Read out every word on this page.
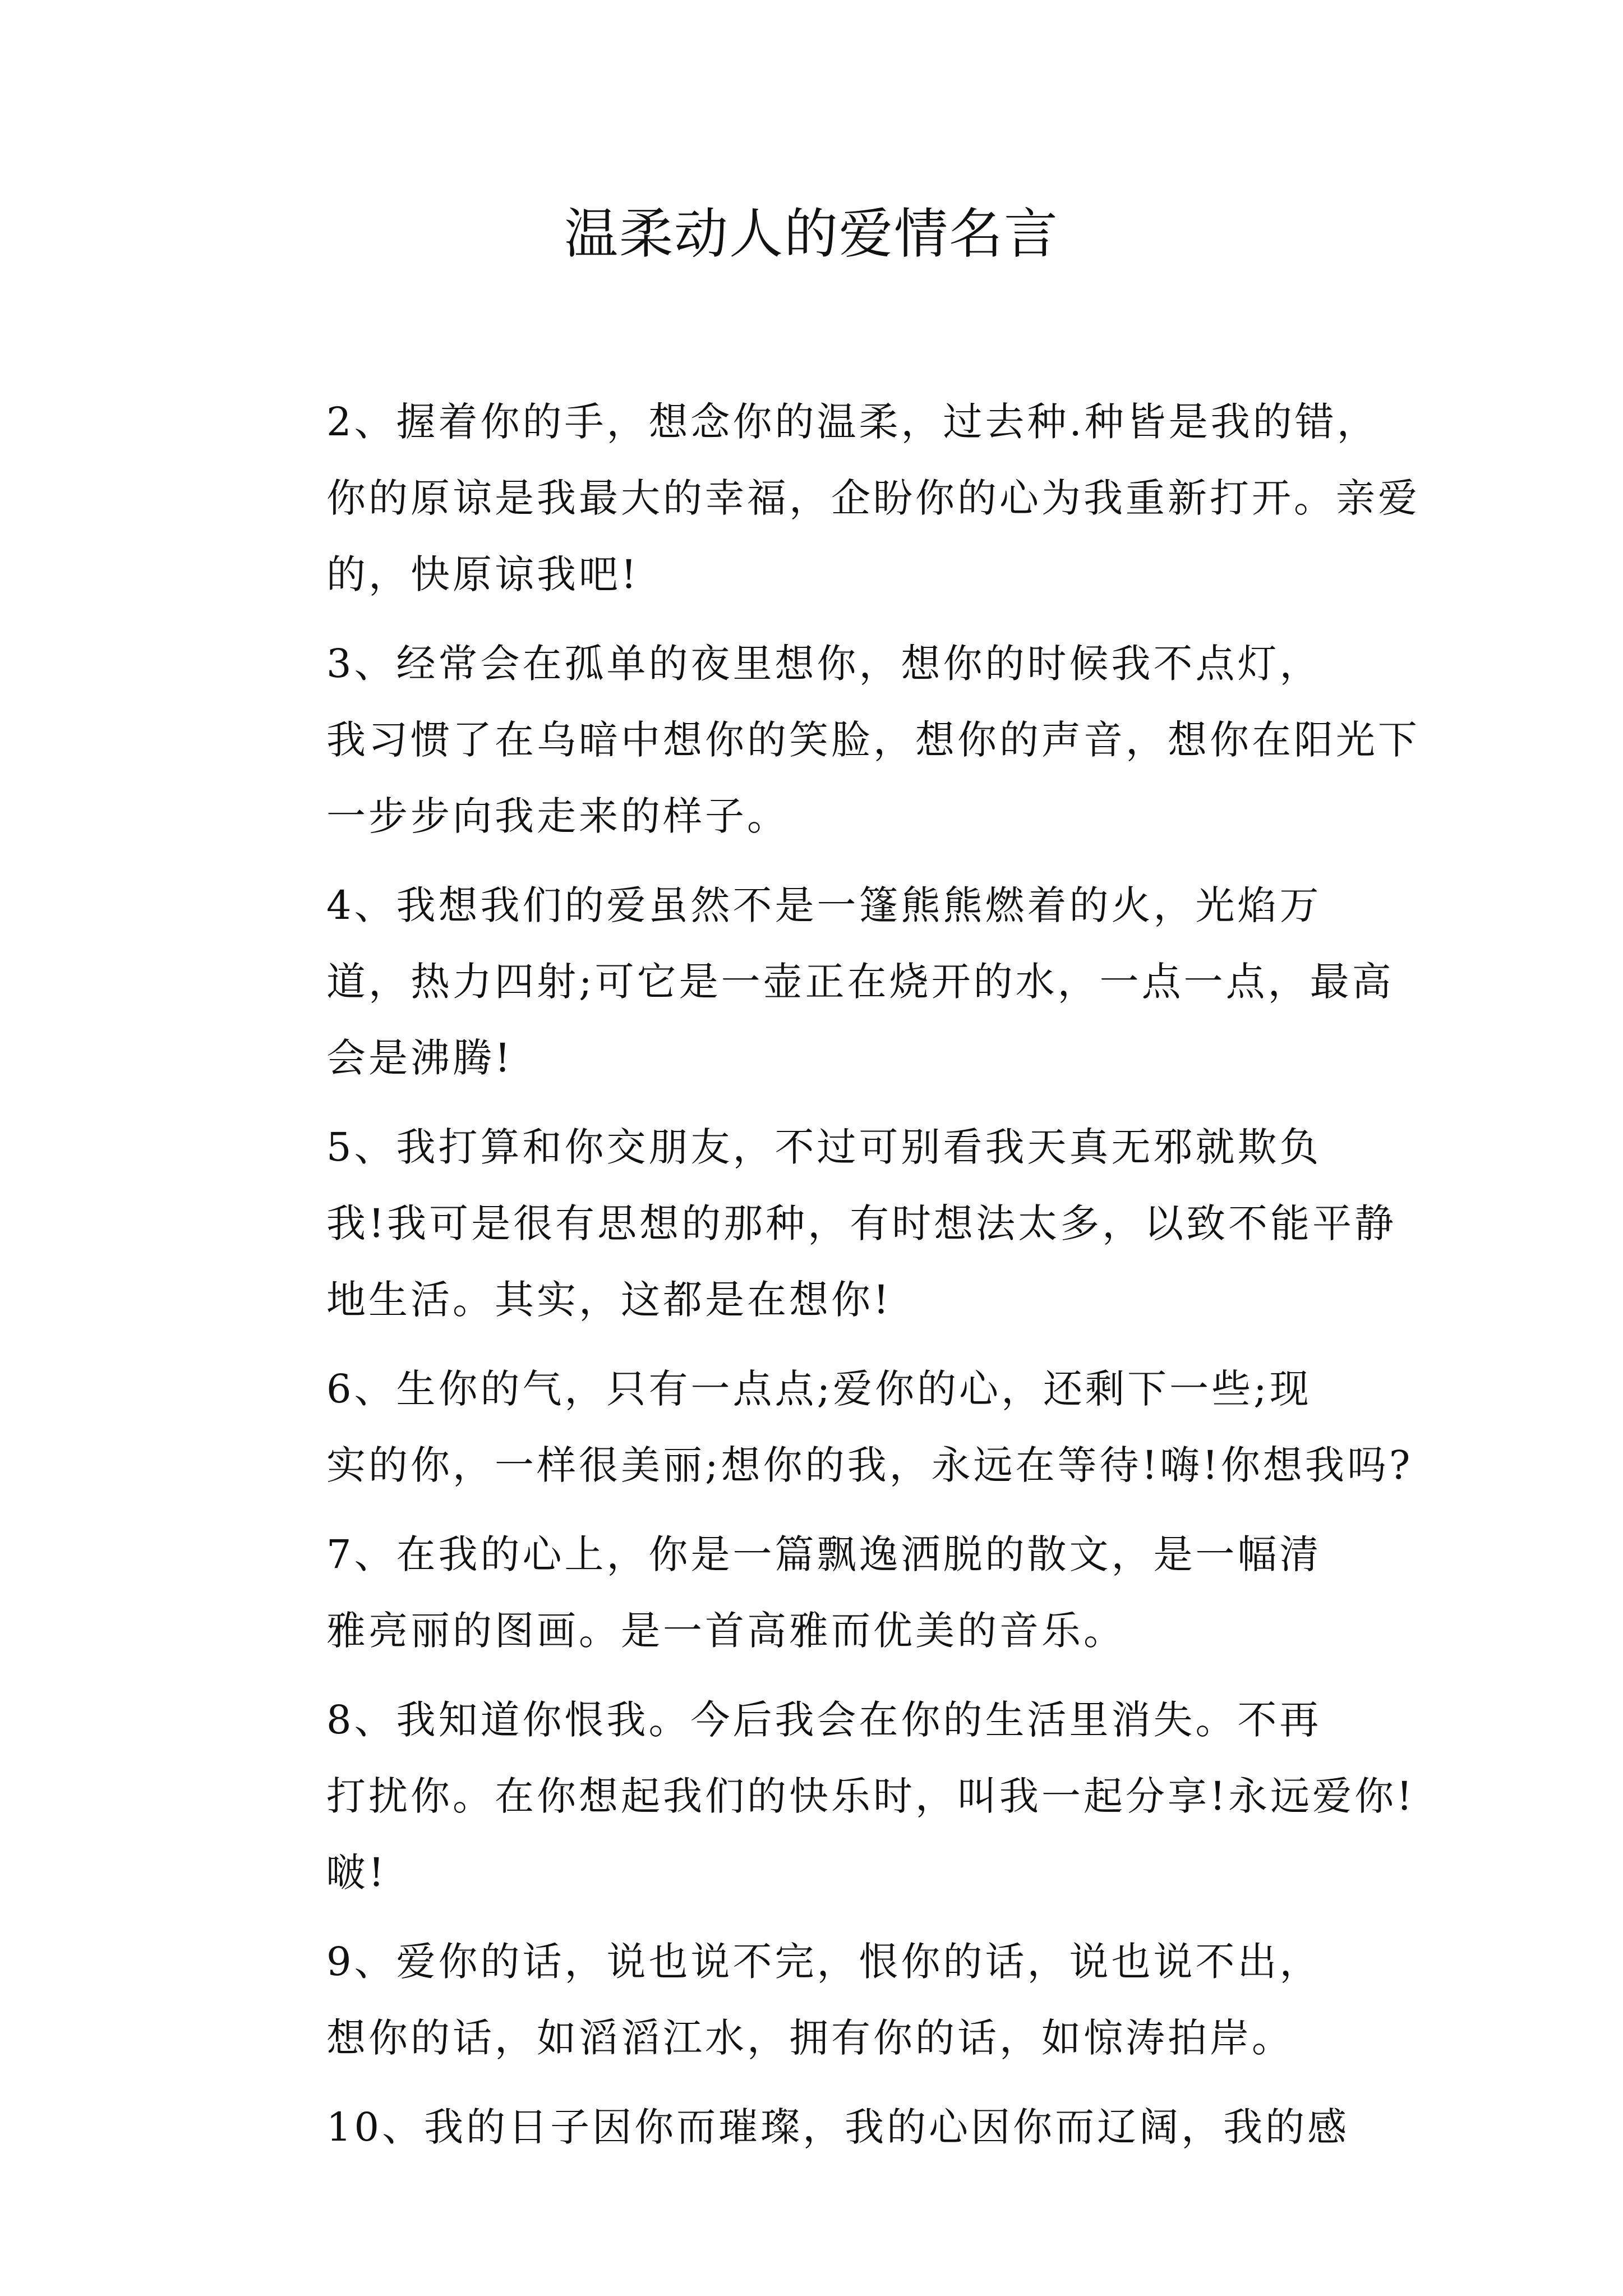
温柔动人的爱情名言

2、握着你的手，想念你的温柔，过去种.种皆是我的错，
你的原谅是我最大的幸福，企盼你的心为我重新打开。亲爱
的，快原谅我吧!

3、经常会在孤单的夜里想你，想你的时候我不点灯，
我习惯了在乌暗中想你的笑脸，想你的声音，想你在阳光下
一步步向我走来的样子。

4、我想我们的爱虽然不是一篷熊熊燃着的火，光焰万
道，热力四射;可它是一壶正在烧开的水，一点一点，最高
会是沸腾!

5、我打算和你交朋友，不过可别看我天真无邪就欺负
我!我可是很有思想的那种，有时想法太多，以致不能平静
地生活。其实，这都是在想你!

6、生你的气，只有一点点;爱你的心，还剩下一些;现
实的你，一样很美丽;想你的我，永远在等待!嗨!你想我吗?

7、在我的心上，你是一篇飘逸洒脱的散文，是一幅清
雅亮丽的图画。是一首高雅而优美的音乐。

8、我知道你恨我。今后我会在你的生活里消失。不再
打扰你。在你想起我们的快乐时，叫我一起分享!永远爱你!
啵!

9、爱你的话，说也说不完，恨你的话，说也说不出，
想你的话，如滔滔江水，拥有你的话，如惊涛拍岸。

10、我的日子因你而璀璨，我的心因你而辽阔，我的感
